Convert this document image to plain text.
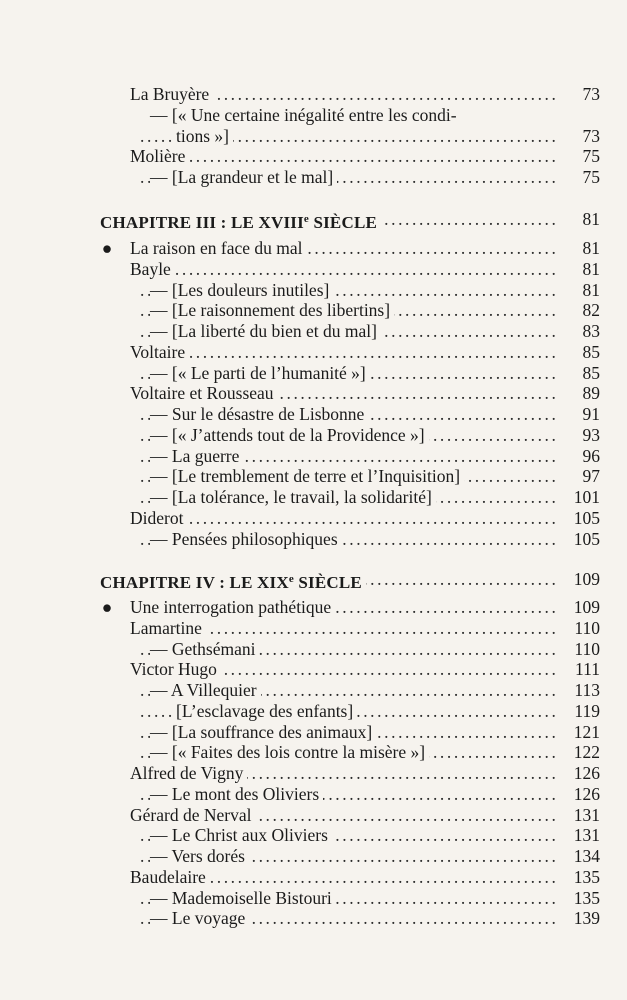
La Bruyère .....	73
— [« Une certaine inégalité entre les condi-
tions »] .....	73
Molière .....	75
— [La grandeur et le mal] .....	75
CHAPITRE III : LE XVIIIe SIÈCLE .....	81
● La raison en face du mal .....	81
Bayle .....	81
— [Les douleurs inutiles] .....	81
— [Le raisonnement des libertins] .....	82
— [La liberté du bien et du mal] .....	83
Voltaire .....	85
— [« Le parti de l’humanité »] .....	85
Voltaire et Rousseau .....	89
— Sur le désastre de Lisbonne .....	91
— [« J’attends tout de la Providence »] .....	93
— La guerre .....	96
— [Le tremblement de terre et l’Inquisition] .....	97
— [La tolérance, le travail, la solidarité] .....	101
Diderot .....	105
— Pensées philosophiques .....	105
CHAPITRE IV : LE XIXe SIÈCLE .....	109
● Une interrogation pathétique .....	109
Lamartine .....	110
— Gethsémani .....	110
Victor Hugo .....	111
— A Villequier .....	113
[L’esclavage des enfants] .....	119
— [La souffrance des animaux] .....	121
— [« Faites des lois contre la misère »] .....	122
Alfred de Vigny .....	126
— Le mont des Oliviers .....	126
Gérard de Nerval .....	131
— Le Christ aux Oliviers .....	131
— Vers dorés .....	134
Baudelaire .....	135
— Mademoiselle Bistouri .....	135
— Le voyage .....	139
